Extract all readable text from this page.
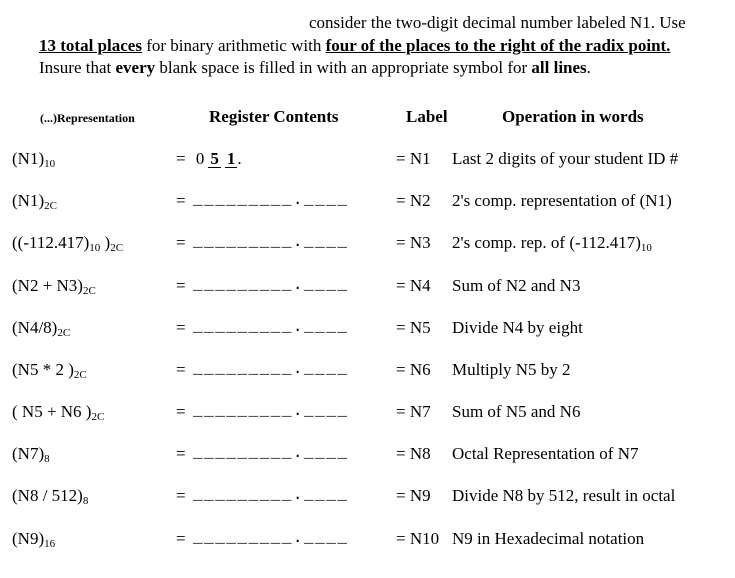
consider the two-digit decimal number labeled N1. Use
13 total places for binary arithmetic with four of the places to the right of the radix point.
Insure that every blank space is filled in with an appropriate symbol for all lines.
(...)Representation	Register Contents	Label	Operation in words
$(N1)_{10}$	= 0 5 1 .	= N1 Last 2 digits of your student ID #
$(N1)_{2C}$	= _________.____	= N2 2's comp. representation of (N1)
($(-112.417)_{10}$ )$_{2C}$	= _________.____	= N3 2's comp. rep. of $(-112.417)_{10}$
$(N2 + N3)_{2C}$	= _________.____	= N4 Sum of N2 and N3
$(N4/8)_{2C}$	= _________.____	= N5 Divide N4 by eight
(N5 * 2 )$_{2C}$	= _________.____	= N6 Multiply N5 by 2
( N5 + N6 )$_{2C}$	= _________.____	= N7 Sum of N5 and N6
$(N7)_8$	= _________.____	= N8 Octal Representation of N7
$(N8 / 512)_8$	= _________.____	= N9 Divide N8 by 512, result in octal
$(N9)_{16}$	= _________.____	= N10 N9 in Hexadecimal notation
